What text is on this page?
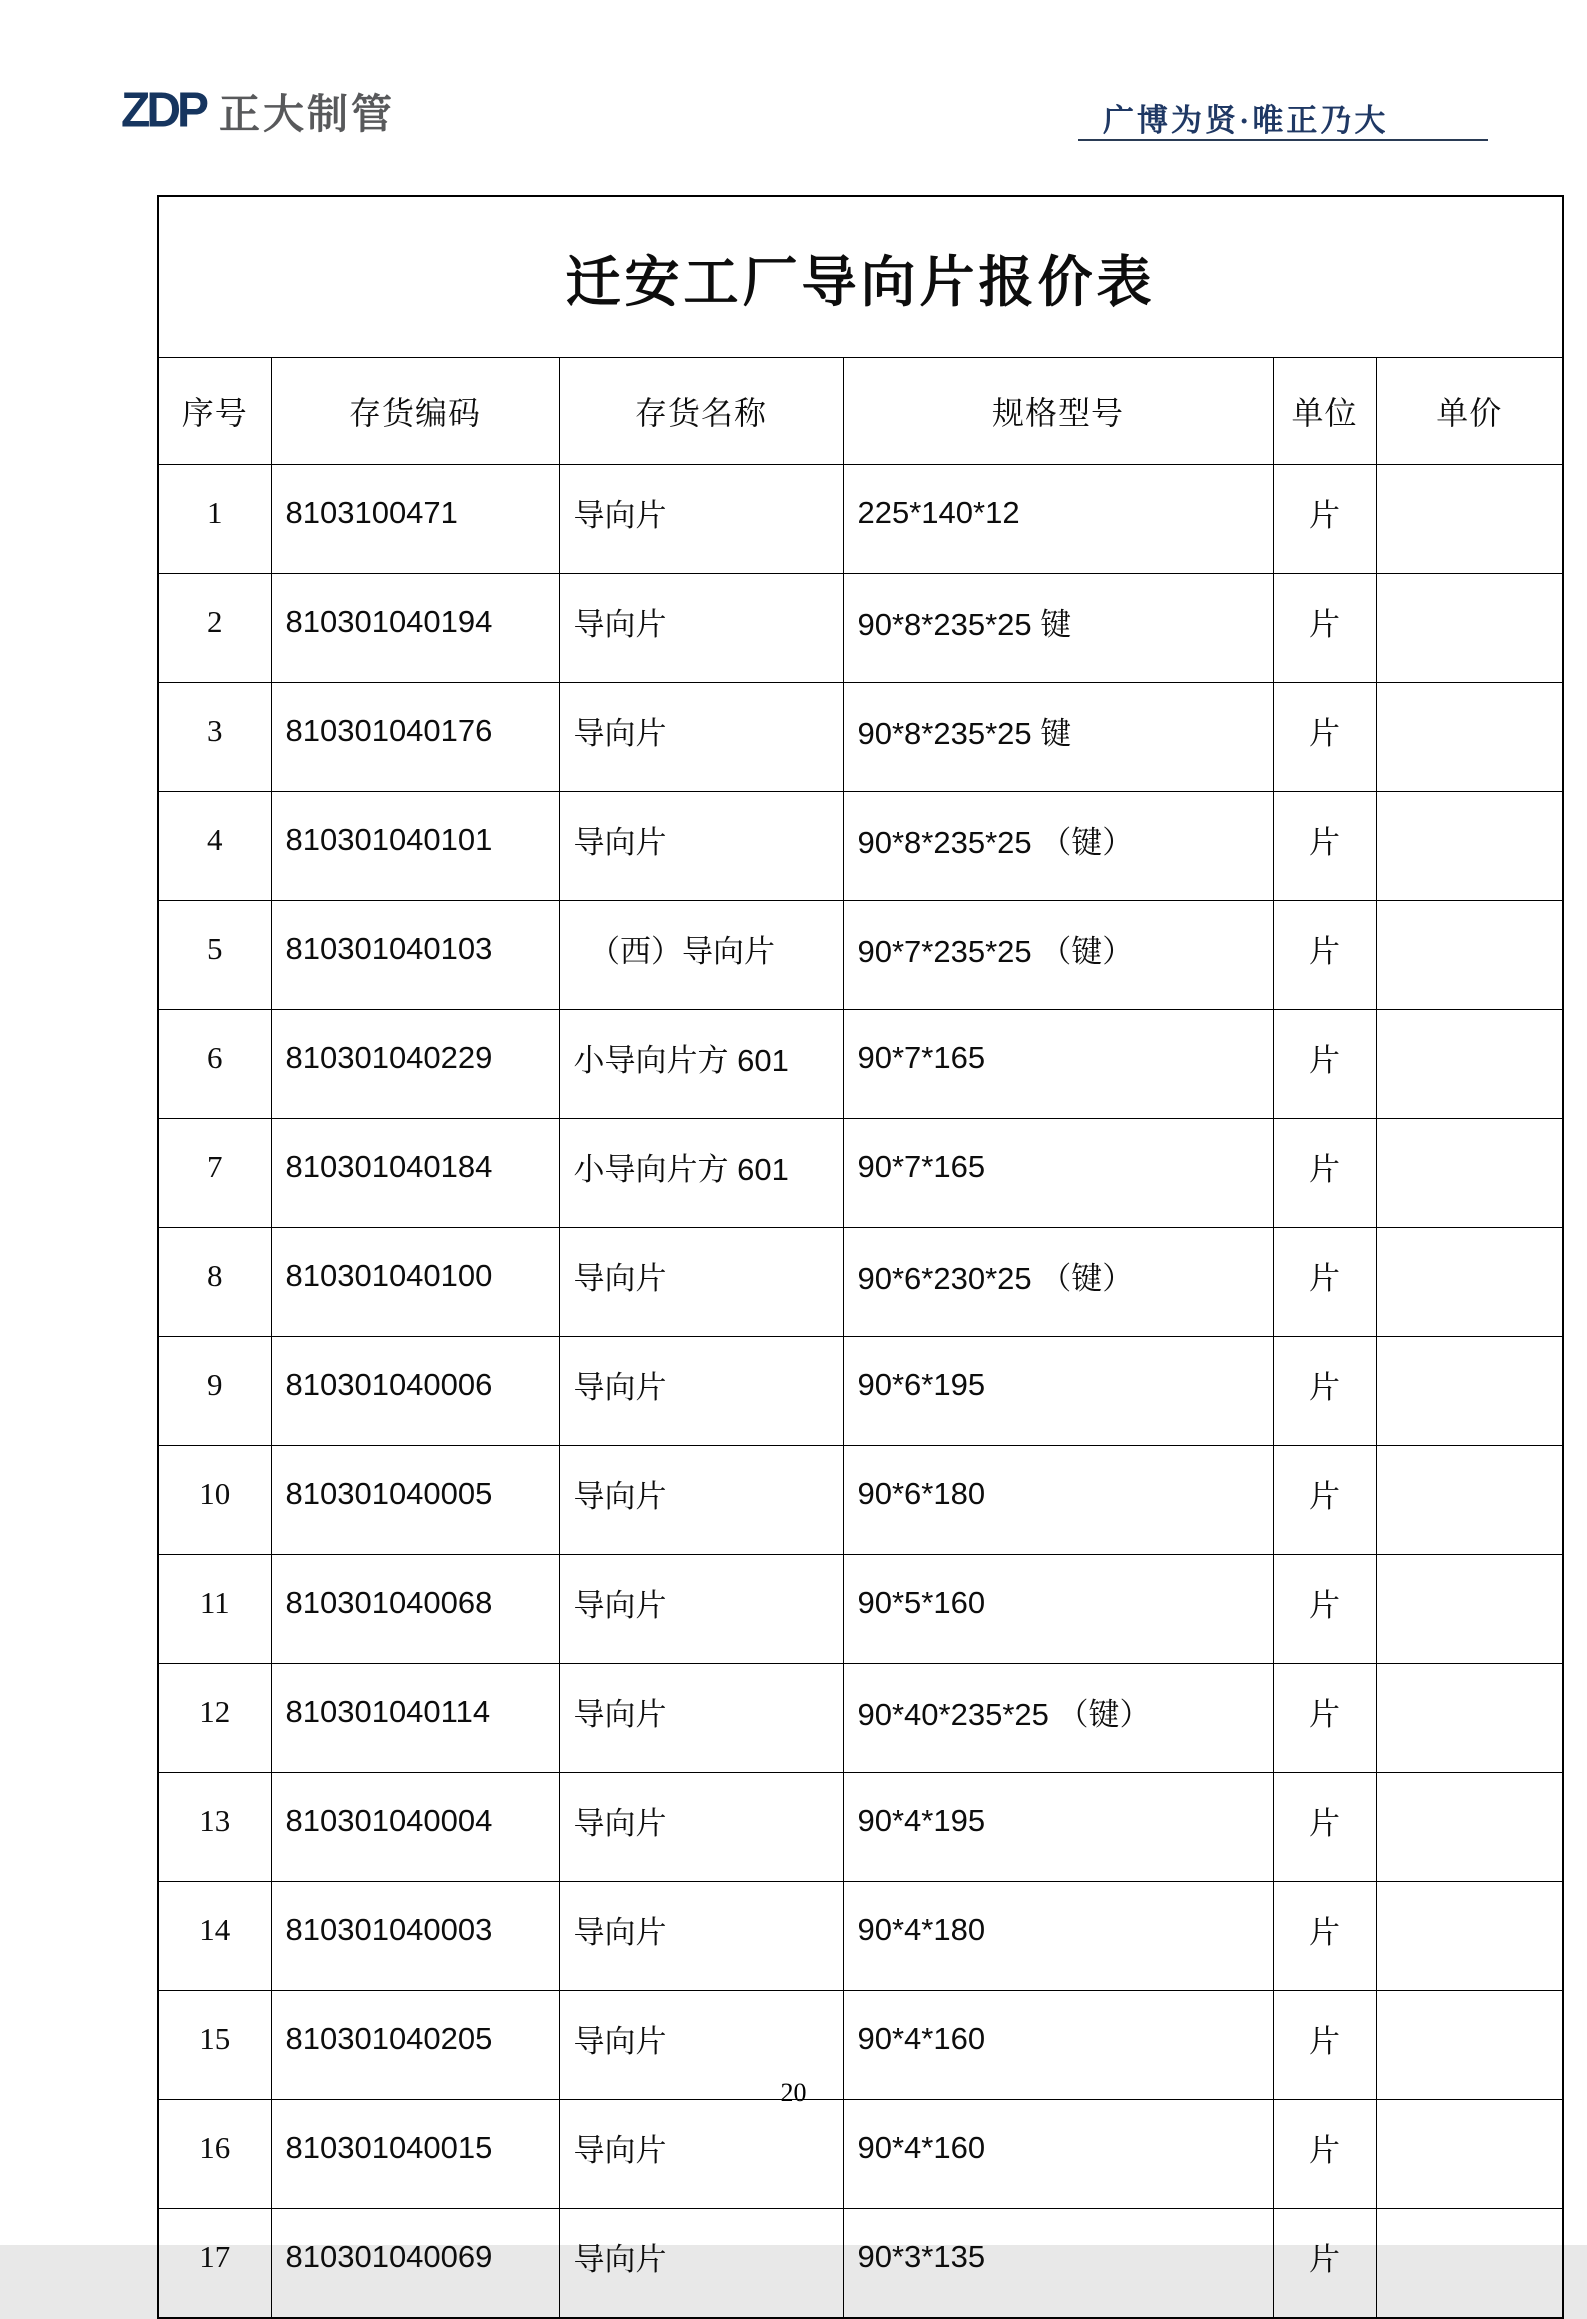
ZDP 正大制管	广博为贤·唯正乃大
迁安工厂导向片报价表					
序号	存货编码	存货名称	规格型号	单位	单价
1	8103100471	导向片	225*140*12	片	
2	810301040194	导向片	90*8*235*25 键	片	
3	810301040176	导向片	90*8*235*25 键	片	
4	810301040101	导向片	90*8*235*25 （键）	片	
5	810301040103	　（西）导向片	90*7*235*25 （键）	片	
6	810301040229	小导向片方 601	90*7*165	片	
7	810301040184	小导向片方 601	90*7*165	片	
8	810301040100	导向片	90*6*230*25 （键）	片	
9	810301040006	导向片	90*6*195	片	
10	810301040005	导向片	90*6*180	片	
11	810301040068	导向片	90*5*160	片	
12	810301040114	导向片	90*40*235*25 （键）	片	
13	810301040004	导向片	90*4*195	片	
14	810301040003	导向片	90*4*180	片	
15	810301040205	导向片	90*4*160	片	
16	810301040015	导向片	90*4*160	片	
17	810301040069	导向片	90*3*135	片	
20
